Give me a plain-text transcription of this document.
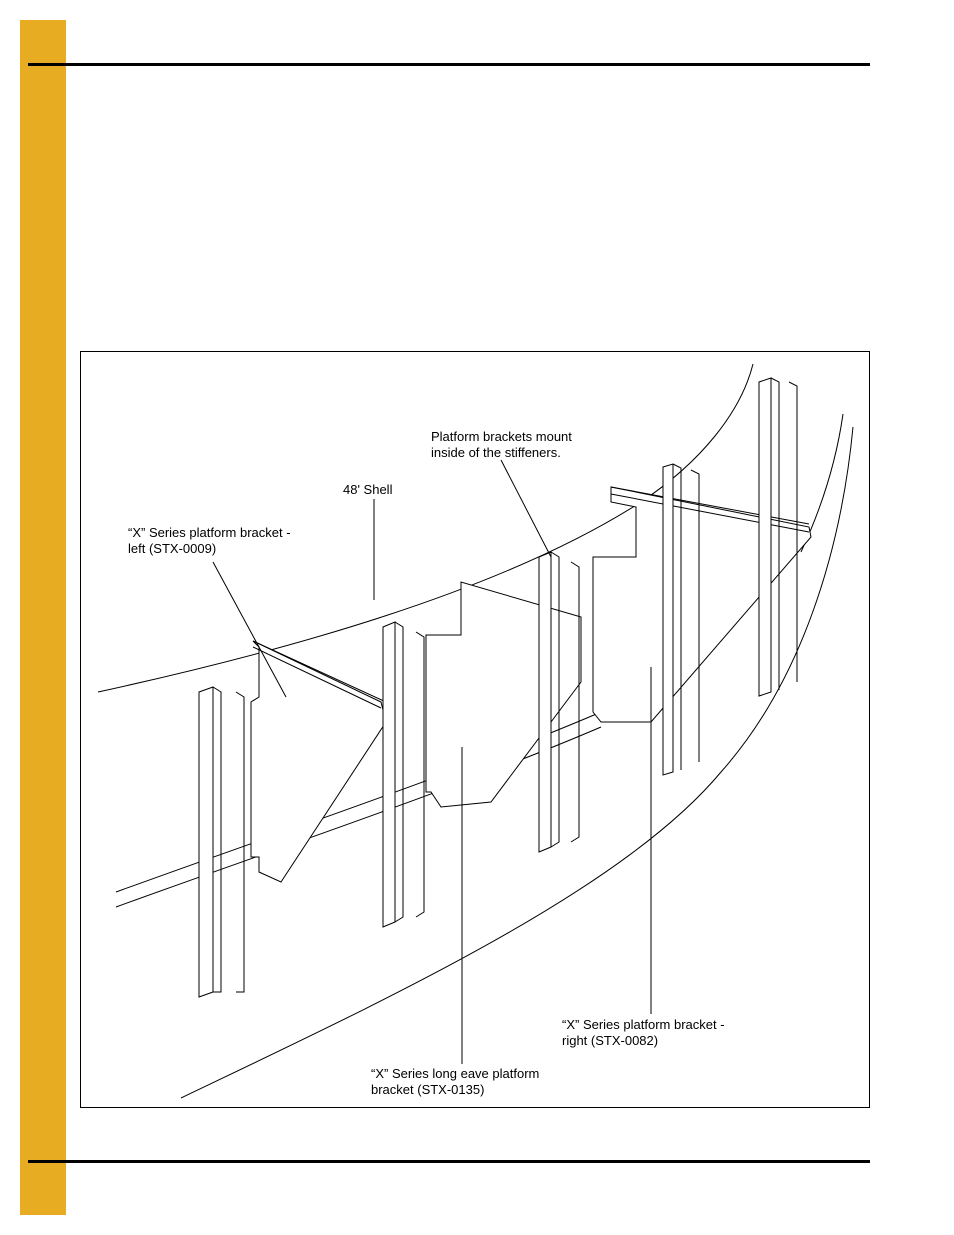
Platform brackets mount
inside of the stiffeners.
48' Shell
“X” Series platform bracket -
left (STX-0009)
“X” Series platform bracket -
right (STX-0082)
“X” Series long eave platform
bracket (STX-0135)
